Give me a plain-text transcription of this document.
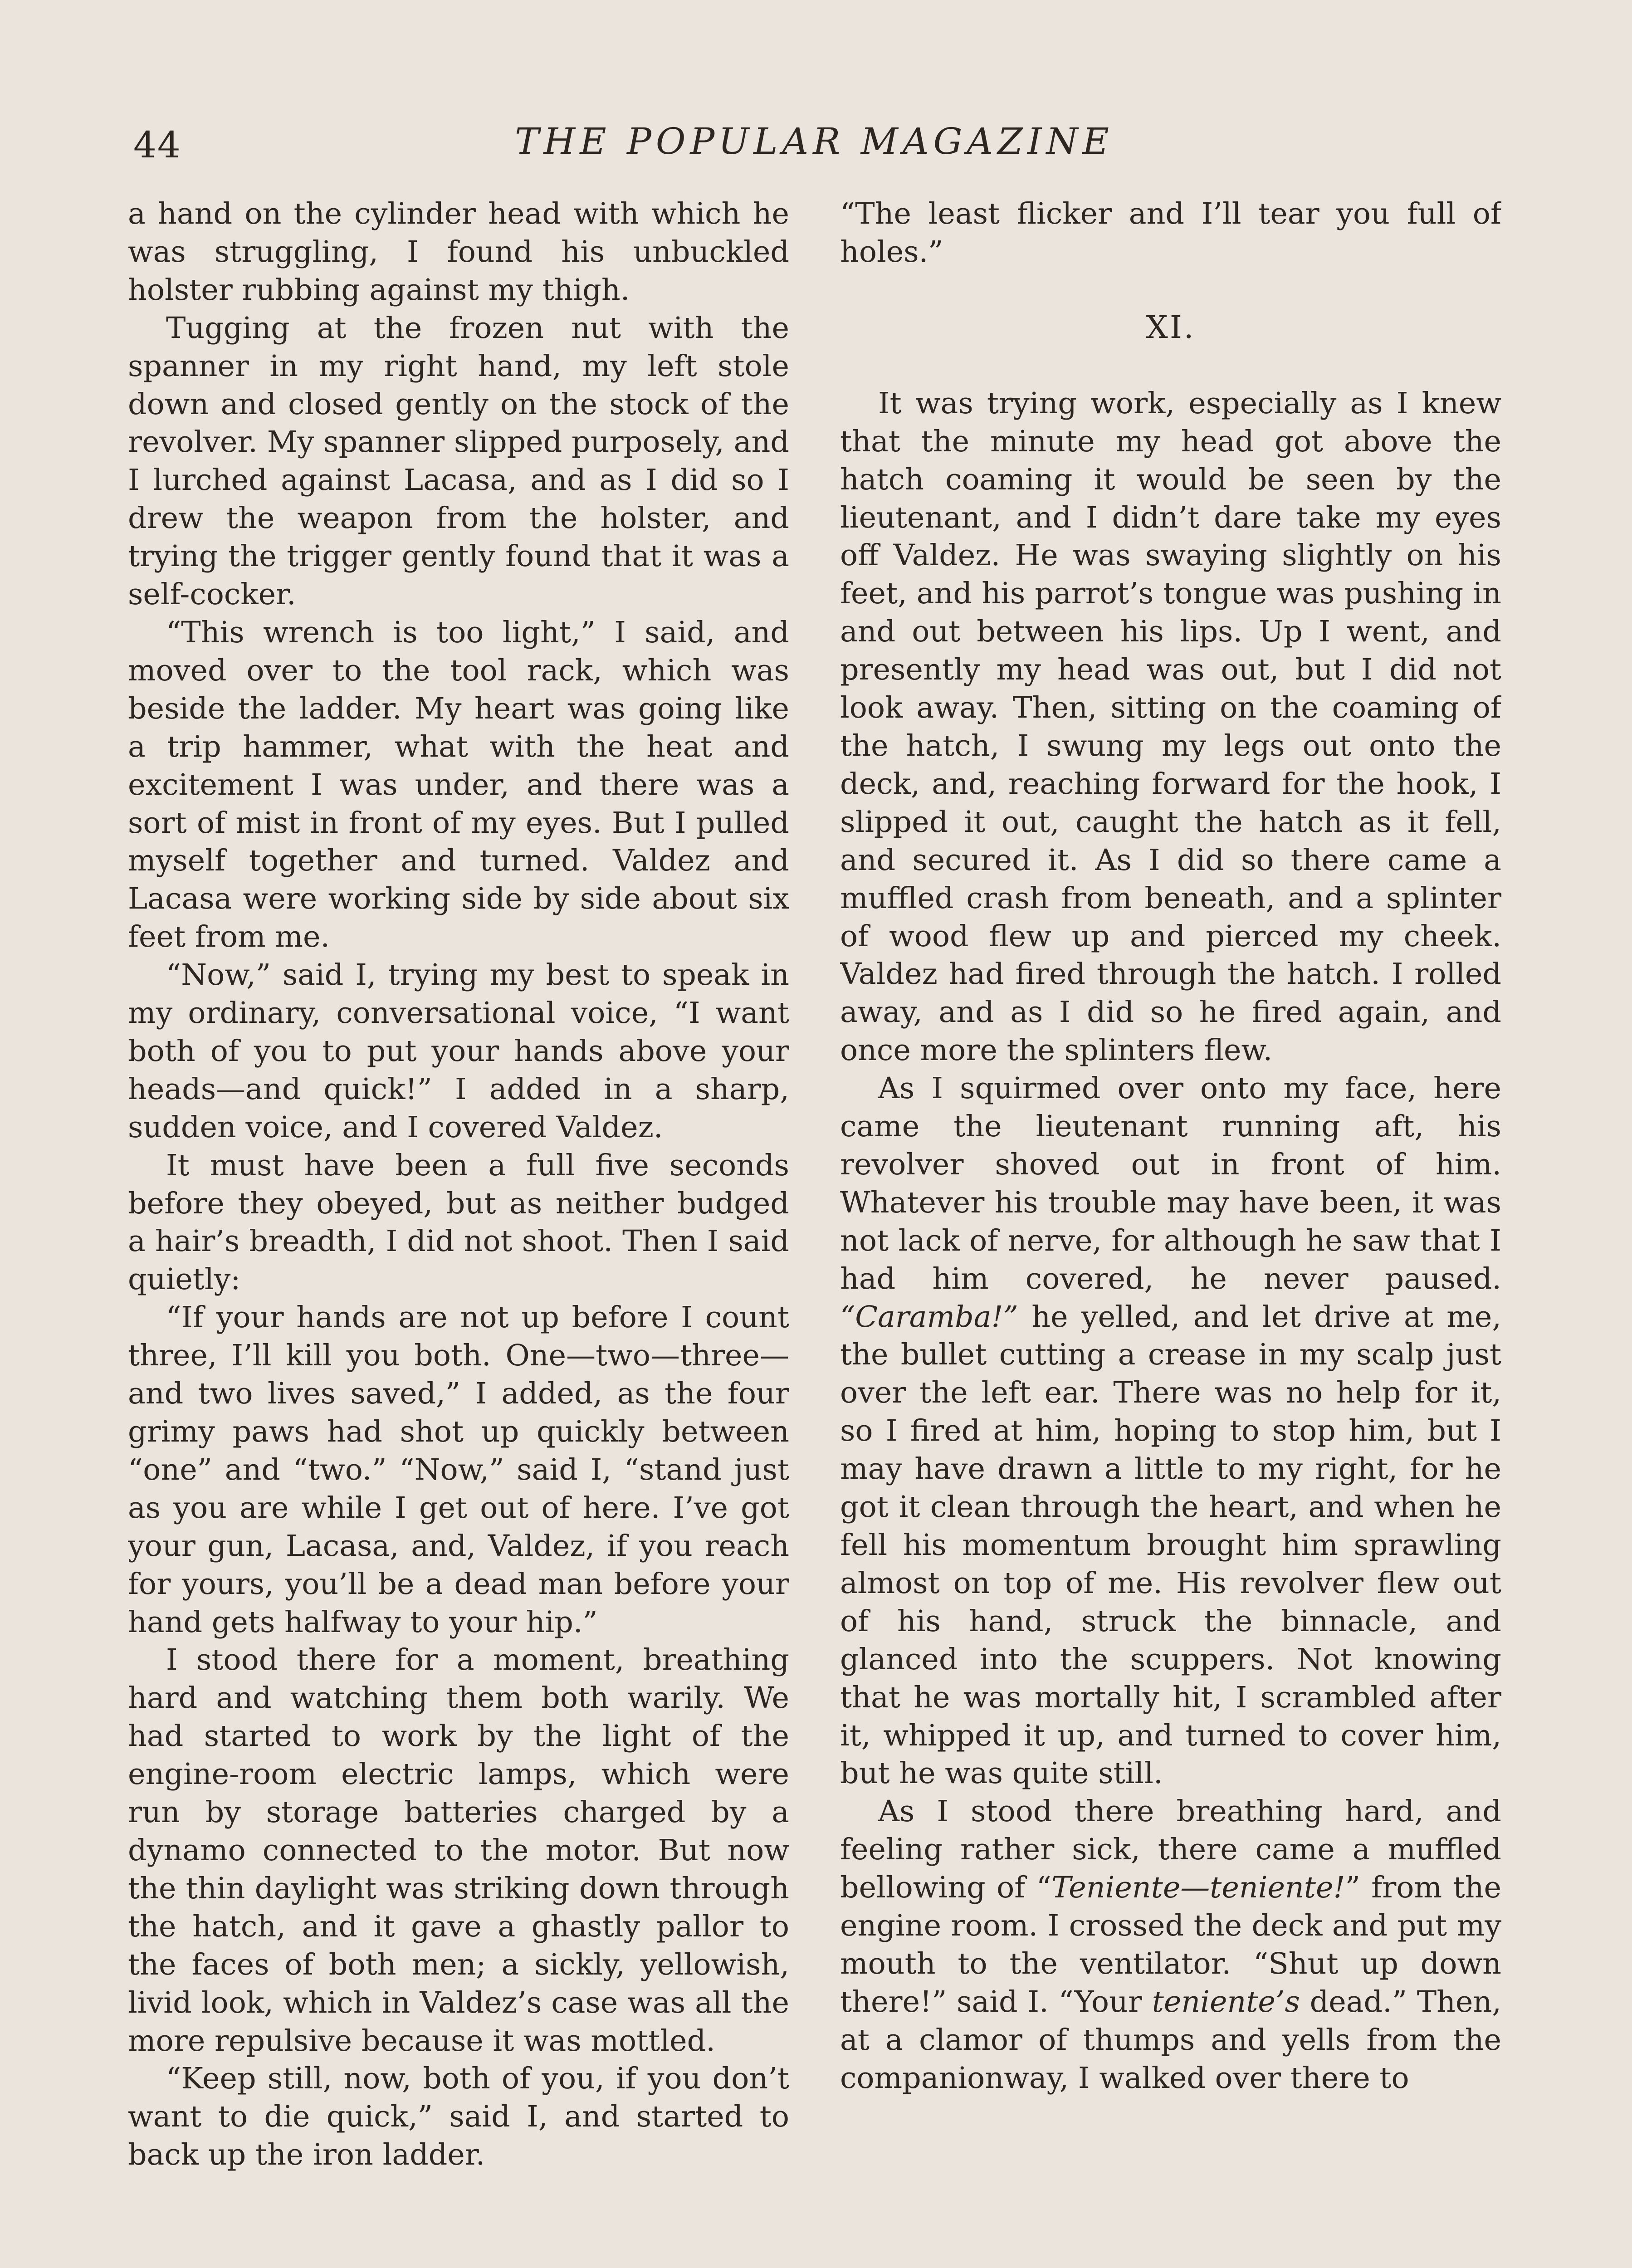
44	THE POPULAR MAGAZINE

a hand on the cylinder head with which he was struggling, I found his unbuckled holster rubbing against my thigh.

Tugging at the frozen nut with the spanner in my right hand, my left stole down and closed gently on the stock of the revolver. My spanner slipped purposely, and I lurched against Lacasa, and as I did so I drew the weapon from the holster, and trying the trigger gently found that it was a self-cocker.

“This wrench is too light,” I said, and moved over to the tool rack, which was beside the ladder. My heart was going like a trip hammer, what with the heat and excitement I was under, and there was a sort of mist in front of my eyes. But I pulled myself together and turned. Valdez and Lacasa were working side by side about six feet from me.

“Now,” said I, trying my best to speak in my ordinary, conversational voice, “I want both of you to put your hands above your heads—and quick!” I added in a sharp, sudden voice, and I covered Valdez.

It must have been a full five seconds before they obeyed, but as neither budged a hair’s breadth, I did not shoot. Then I said quietly:

“If your hands are not up before I count three, I’ll kill you both. One—two—three—and two lives saved,” I added, as the four grimy paws had shot up quickly between “one” and “two.” “Now,” said I, “stand just as you are while I get out of here. I’ve got your gun, Lacasa, and, Valdez, if you reach for yours, you’ll be a dead man before your hand gets halfway to your hip.”

I stood there for a moment, breathing hard and watching them both warily. We had started to work by the light of the engine-room electric lamps, which were run by storage batteries charged by a dynamo connected to the motor. But now the thin daylight was striking down through the hatch, and it gave a ghastly pallor to the faces of both men; a sickly, yellowish, livid look, which in Valdez’s case was all the more repulsive because it was mottled.

“Keep still, now, both of you, if you don’t want to die quick,” said I, and started to back up the iron ladder.

“The least flicker and I’ll tear you full of holes.”

XI.

It was trying work, especially as I knew that the minute my head got above the hatch coaming it would be seen by the lieutenant, and I didn’t dare take my eyes off Valdez. He was swaying slightly on his feet, and his parrot’s tongue was pushing in and out between his lips. Up I went, and presently my head was out, but I did not look away. Then, sitting on the coaming of the hatch, I swung my legs out onto the deck, and, reaching forward for the hook, I slipped it out, caught the hatch as it fell, and secured it. As I did so there came a muffled crash from beneath, and a splinter of wood flew up and pierced my cheek. Valdez had fired through the hatch. I rolled away, and as I did so he fired again, and once more the splinters flew.

As I squirmed over onto my face, here came the lieutenant running aft, his revolver shoved out in front of him. Whatever his trouble may have been, it was not lack of nerve, for although he saw that I had him covered, he never paused. “Caramba!” he yelled, and let drive at me, the bullet cutting a crease in my scalp just over the left ear. There was no help for it, so I fired at him, hoping to stop him, but I may have drawn a little to my right, for he got it clean through the heart, and when he fell his momentum brought him sprawling almost on top of me. His revolver flew out of his hand, struck the binnacle, and glanced into the scuppers. Not knowing that he was mortally hit, I scrambled after it, whipped it up, and turned to cover him, but he was quite still.

As I stood there breathing hard, and feeling rather sick, there came a muffled bellowing of “Teniente—teniente!” from the engine room. I crossed the deck and put my mouth to the ventilator. “Shut up down there!” said I. “Your teniente’s dead.” Then, at a clamor of thumps and yells from the companionway, I walked over there to
